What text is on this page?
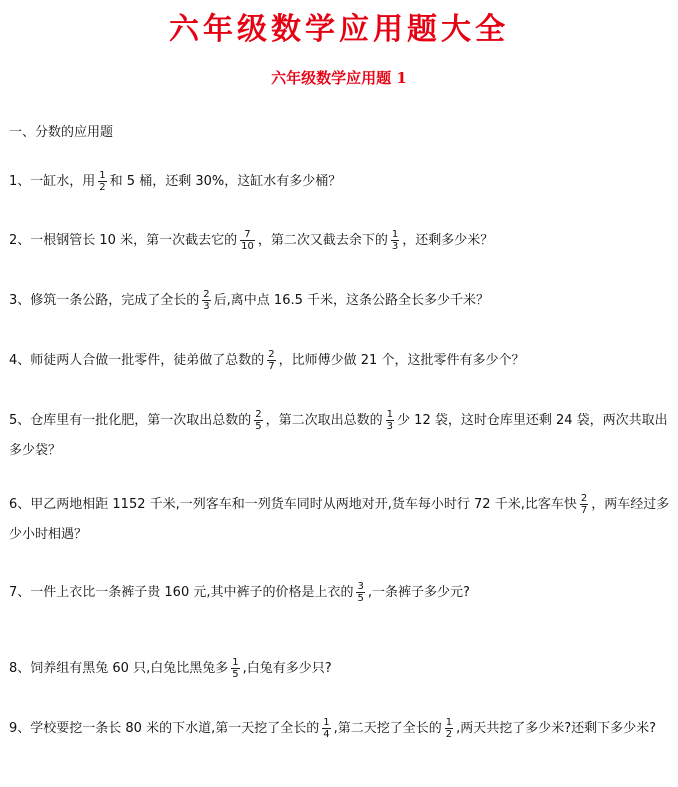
六年级数学应用题大全
六年级数学应用题 1
一、分数的应用题
1、一缸水，用 $\frac{1}{2}$ 和 5 桶，还剩 30%，这缸水有多少桶？
2、一根钢管长 10 米，第一次截去它的 $\frac{7}{10}$ ，第二次又截去余下的 $\frac{1}{3}$ ，还剩多少米？
3、修筑一条公路，完成了全长的 $\frac{2}{3}$ 后,离中点 16.5 千米，这条公路全长多少千米？
4、师徒两人合做一批零件，徒弟做了总数的 $\frac{2}{7}$ ，比师傅少做 21 个，这批零件有多少个？
5、仓库里有一批化肥，第一次取出总数的 $\frac{2}{5}$ ，第二次取出总数的 $\frac{1}{3}$ 少 12 袋，这时仓库里还剩 24 袋，两次共取出多少袋？
6、甲乙两地相距 1152 千米,一列客车和一列货车同时从两地对开,货车每小时行 72 千米,比客车快 $\frac{2}{7}$ ，两车经过多少小时相遇？
7、一件上衣比一条裤子贵 160 元,其中裤子的价格是上衣的 $\frac{3}{5}$ ,一条裤子多少元?
8、饲养组有黑兔 60 只,白兔比黑兔多 $\frac{1}{5}$ ,白兔有多少只?
9、学校要挖一条长 80 米的下水道,第一天挖了全长的 $\frac{1}{4}$ ,第二天挖了全长的 $\frac{1}{2}$ ,两天共挖了多少米?还剩下多少米?
